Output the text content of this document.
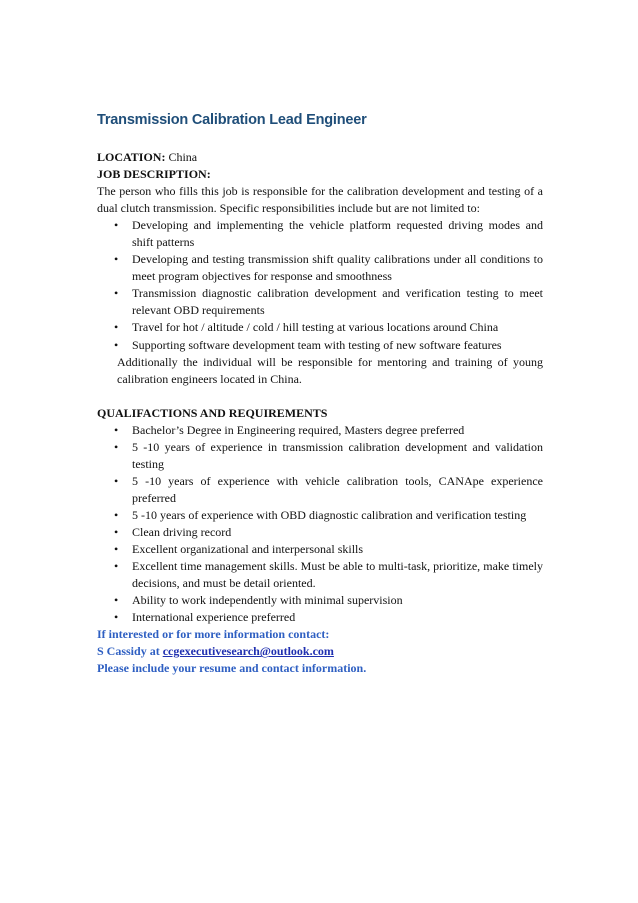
Transmission Calibration Lead Engineer

LOCATION: China

JOB DESCRIPTION:

The person who fills this job is responsible for the calibration development and testing of a dual clutch transmission. Specific responsibilities include but are not limited to:

• Developing and implementing the vehicle platform requested driving modes and shift patterns
• Developing and testing transmission shift quality calibrations under all conditions to meet program objectives for response and smoothness
• Transmission diagnostic calibration development and verification testing to meet relevant OBD requirements
• Travel for hot / altitude / cold / hill testing at various locations around China
• Supporting software development team with testing of new software features

Additionally the individual will be responsible for mentoring and training of young calibration engineers located in China.

QUALIFACTIONS AND REQUIREMENTS

• Bachelor’s Degree in Engineering required, Masters degree preferred
• 5 -10 years of experience in transmission calibration development and validation testing
• 5 -10 years of experience with vehicle calibration tools, CANApe experience preferred
• 5 -10 years of experience with OBD diagnostic calibration and verification testing
• Clean driving record
• Excellent organizational and interpersonal skills
• Excellent time management skills. Must be able to multi-task, prioritize, make timely decisions, and must be detail oriented.
• Ability to work independently with minimal supervision
• International experience preferred

If interested or for more information contact:

S Cassidy at ccgexecutivesearch@outlook.com

Please include your resume and contact information.
